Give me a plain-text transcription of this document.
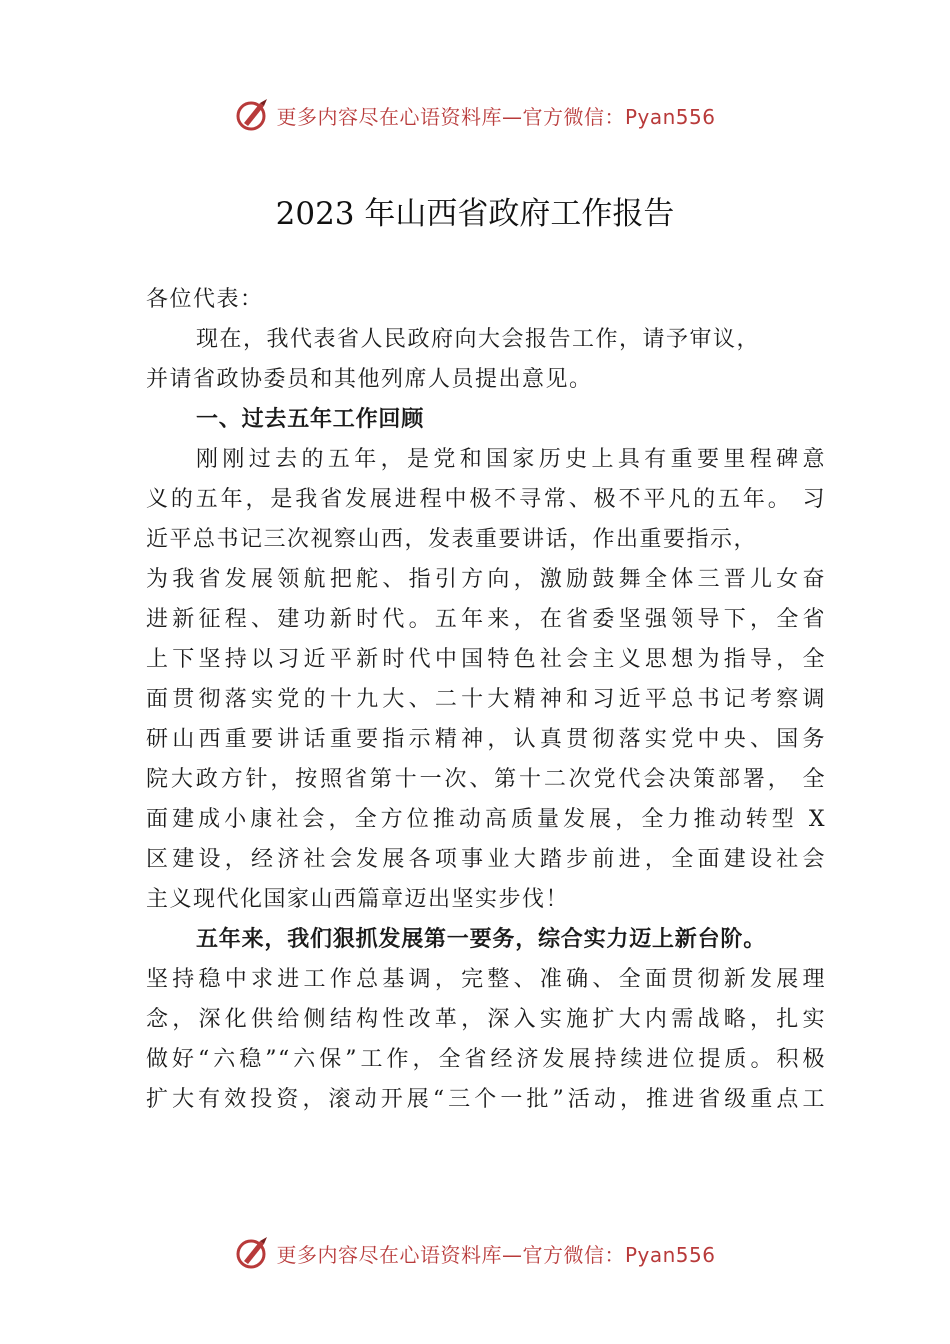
更多内容尽在心语资料库—官方微信：Pyan556
2023 年山西省政府工作报告
各位代表：
现在，我代表省人民政府向大会报告工作，请予审议，
并请省政协委员和其他列席人员提出意见。
一、过去五年工作回顾
刚刚过去的五年，是党和国家历史上具有重要里程碑意
义的五年，是我省发展进程中极不寻常、极不平凡的五年。 习
近平总书记三次视察山西，发表重要讲话，作出重要指示，
为我省发展领航把舵、指引方向，激励鼓舞全体三晋儿女奋
进新征程、建功新时代。五年来，在省委坚强领导下，全省
上下坚持以习近平新时代中国特色社会主义思想为指导，全
面贯彻落实党的十九大、二十大精神和习近平总书记考察调
研山西重要讲话重要指示精神，认真贯彻落实党中央、国务
院大政方针，按照省第十一次、第十二次党代会决策部署， 全
面建成小康社会，全方位推动高质量发展，全力推动转型 X
区建设，经济社会发展各项事业大踏步前进，全面建设社会
主义现代化国家山西篇章迈出坚实步伐！
五年来，我们狠抓发展第一要务，综合实力迈上新台阶。
坚持稳中求进工作总基调，完整、准确、全面贯彻新发展理
念，深化供给侧结构性改革，深入实施扩大内需战略，扎实
做好“六稳”“六保”工作，全省经济发展持续进位提质。积极
扩大有效投资，滚动开展“三个一批”活动，推进省级重点工
更多内容尽在心语资料库—官方微信：Pyan556
